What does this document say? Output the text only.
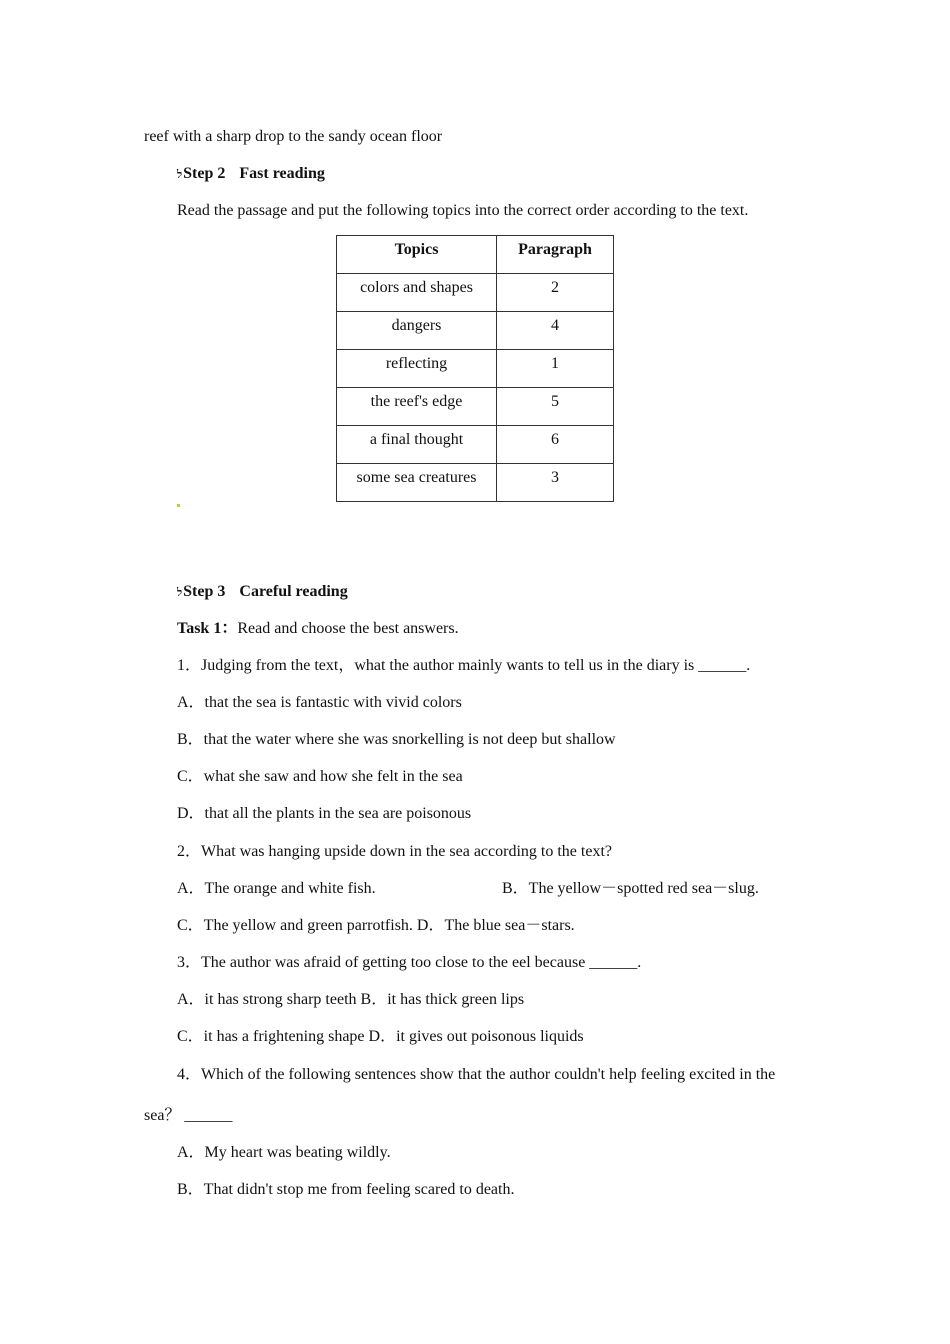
reef with a sharp drop to the sandy ocean floor
לStep 2 Fast reading
Read the passage and put the following topics into the correct order according to the text.
Topics	Paragraph
colors and shapes	2
dangers	4
reflecting	1
the reef's edge	5
a final thought	6
some sea creatures	3
לStep 3 Careful reading
Task 1：Read and choose the best answers.
1．Judging from the text，what the author mainly wants to tell us in the diary is ______.
A．that the sea is fantastic with vivid colors
B．that the water where she was snorkelling is not deep but shallow
C．what she saw and how she felt in the sea
D．that all the plants in the sea are poisonous
2．What was hanging upside down in the sea according to the text?
A．The orange and white fish.	B．The yellow－spotted red sea－slug.
C．The yellow and green parrotfish. D．The blue sea－stars.
3．The author was afraid of getting too close to the eel because ______.
A．it has strong sharp teeth B．it has thick green lips
C．it has a frightening shape D．it gives out poisonous liquids
4．Which of the following sentences show that the author couldn't help feeling excited in the
sea？ ______
A．My heart was beating wildly.
B．That didn't stop me from feeling scared to death.
